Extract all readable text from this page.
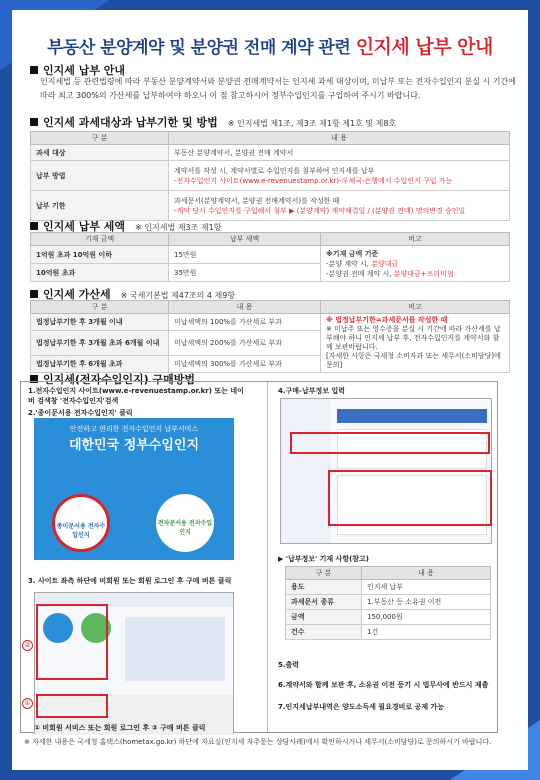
부동산 분양계약 및 분양권 전매 계약 관련 인지세 납부 안내
인지세 납부 안내
인지세법 등 관련법령에 따라 부동산 분양계약서와 분양권 전매계약서는 인지세 과세 대상이며, 미납부 또는 전자수입인지 분실 시 기간에 따라 최고 300%의 가산세를 납부하여야 하오니 이 점 참고하시어 정부수입인지를 구입하여 주시기 바랍니다.
인지세 과세대상과 납부기한 및 방법 ※ 인지세법 제1조, 제3조 제1항 제1호 및 제8호
구 분	내 용
과세 대상	부동산 분양계약서, 분양권 전매 계약서
납부 방법	계약서를 작성 시, 계약서별로 수입인지를 첨부하여 인지세를 납부
-전자수입인지 사이트(www.e-revenuestamp.or.kr)-우체국-은행에서 수입인지 구입 가능

납부 기한	과세문서(분양계약서, 분양권 전매계약서)를 작성한 때
-계약 당시 수입인지를 구입해서 첨부 ▶ (분양계약) 계약체결일 / (분양권 전매) 명의변경 승인일
인지세 납부 세액 ※ 인지세법 제3조 제1항
기재 금액	납부 세액	비고
1억원 초과 10억원 이하	15만원	※기재 금액 기준
-분양 계약 시, 분양대금
-분양권 전매 계약 시, 분양대금+프리미엄

10억원 초과	35만원	
인지세 가산세 ※ 국세기본법 제47조의 4 제9항
구 분	내 용	비고
법정납부기한 후 3개월 이내	미납세액의 100%를 가산세로 부과	※ 법정납부기한=과세문서를 작성한 때
※ 미납주 또는 영수증을 분실 시 기간에 따라 가산세를 납부해야 하니 인지세 납부 후, 전자수입인지를 계약서와 함께 보관바랍니다.
[자세한 사항은 국세청 소비자과 또는 세무서(소비담당)에 문의]

법정납부기한 후 3개월 초과 6개월 이내	미납세액의 200%를 가산세로 부과	
법정납부기한 후 6개월 초과	미납세액의 300%를 가산세로 부과	
인지세(전자수입인지) 구매방법
1.전자수입인지 사이트(www.e-revenuestamp.or.kr) 또는 네이버 검색창 '전자수입인지'검색
2.'종이문서용 전자수입인지' 클릭
안전하고 편리한 전자수입인지 납부서비스
대한민국 정부수입인지
종이문서용 전자수입인지
전자문서용 전자수입인지
3. 사이트 좌측 하단에 비회원 또는 회원 로그인 후 구매 버튼 클릭
②
①
① 비회원 서비스 또는 회원 로그인 후 ② 구매 버튼 클릭
4.구매-납부정보 입력
▶ '납부정보' 기재 사항(참고)
구 분	내 용
용도	인지세 납부
과세문서 종류	1.부동산 등 소유권 이전
금액	150,000원
건수	1건
5.출력
6.계약서와 함께 보관 후, 소유권 이전 등기 시 법무사에 반드시 제출
7.인지세납부내역은 양도소득세 필요경비로 공제 가능
※ 자세한 내용은 국세청 홈택스(hometax.go.kr) 하단에 자료실(인지세 자주묻는 상담사례)에서 확인하시거나 세무서(소비담당)로 문의하시기 바랍니다.
